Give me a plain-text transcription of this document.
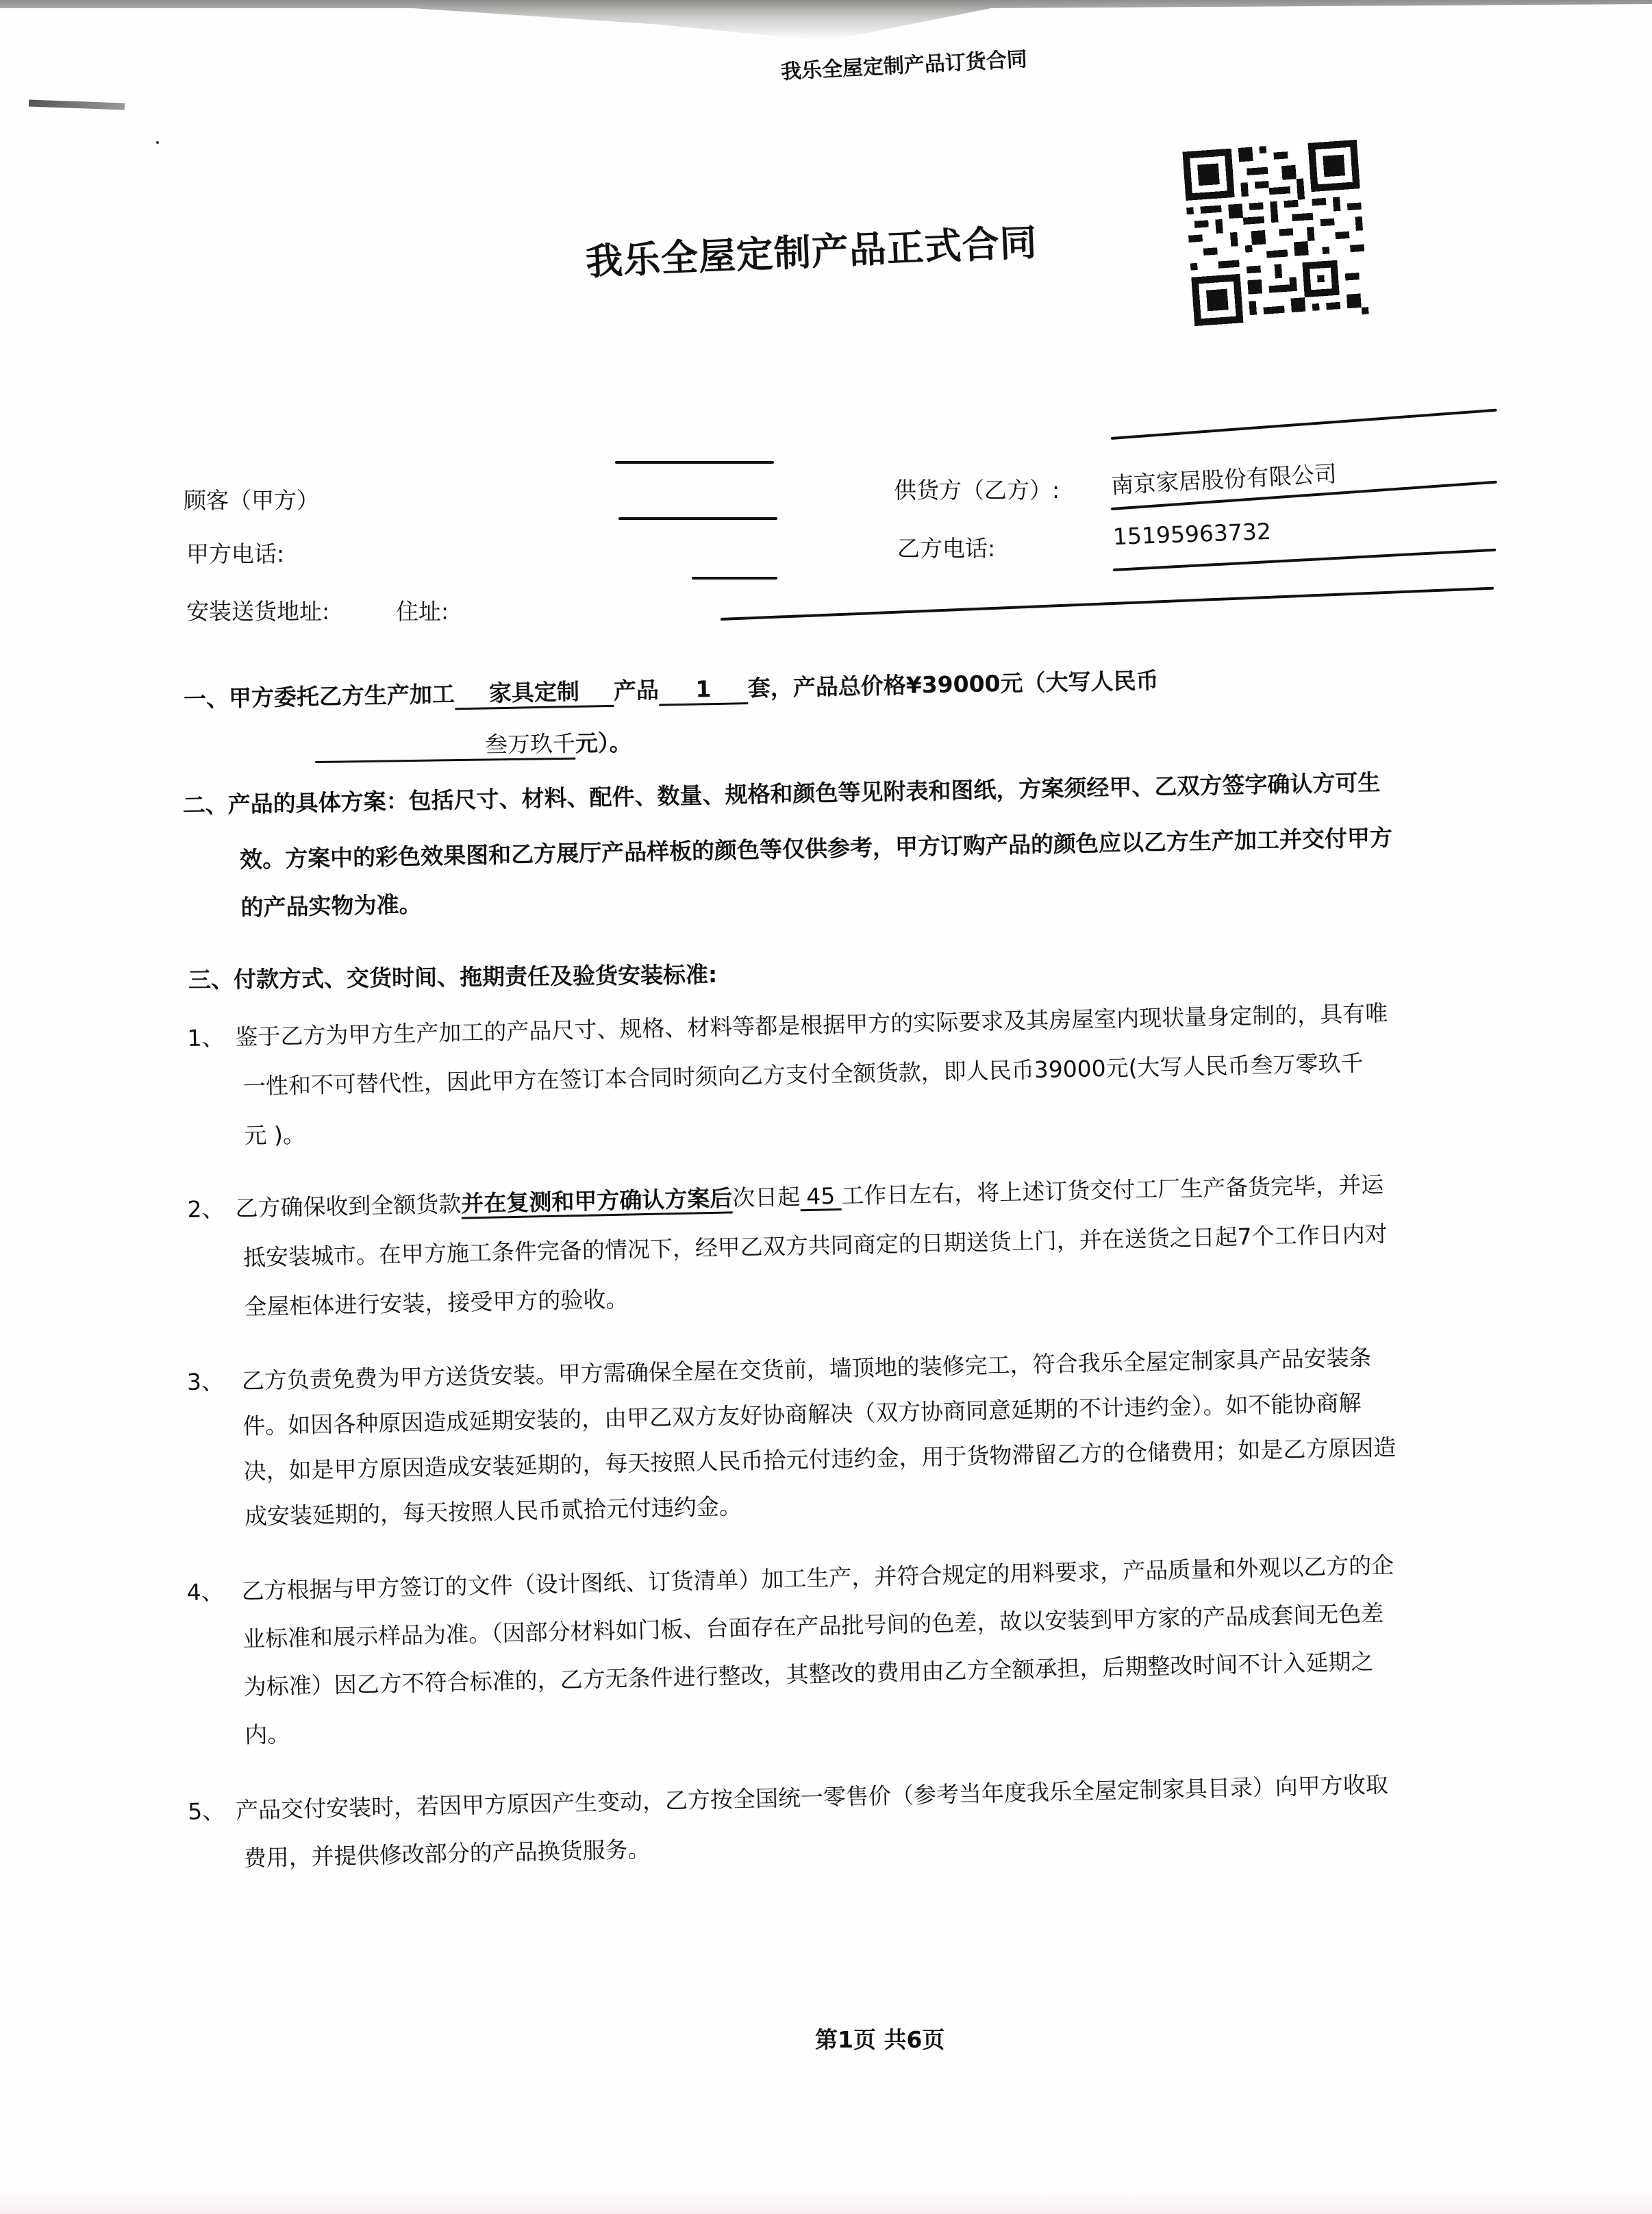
我乐全屋定制产品订货合同
我乐全屋定制产品正式合同
顾客（甲方）
甲方电话:
安装送货地址:	住址:
供货方（乙方）: 南京家居股份有限公司
乙方电话:	15195963732
一、甲方委托乙方生产加工 家具定制 产品 1 套，产品总价格¥39000元（大写人民币
叁万玖千元）。
二、产品的具体方案：包括尺寸、材料、配件、数量、规格和颜色等见附表和图纸，方案须经甲、乙双方签字确认方可生
效。方案中的彩色效果图和乙方展厅产品样板的颜色等仅供参考，甲方订购产品的颜色应以乙方生产加工并交付甲方
的产品实物为准。
三、付款方式、交货时间、拖期责任及验货安装标准:
1、 鉴于乙方为甲方生产加工的产品尺寸、规格、材料等都是根据甲方的实际要求及其房屋室内现状量身定制的，具有唯
一性和不可替代性，因此甲方在签订本合同时须向乙方支付全额货款，即人民币39000元(大写人民币叁万零玖千
元 )。
2、 乙方确保收到全额货款并在复测和甲方确认方案后次日起 45 工作日左右，将上述订货交付工厂生产备货完毕，并运
抵安装城市。在甲方施工条件完备的情况下，经甲乙双方共同商定的日期送货上门，并在送货之日起7个工作日内对
全屋柜体进行安装，接受甲方的验收。
3、 乙方负责免费为甲方送货安装。甲方需确保全屋在交货前，墙顶地的装修完工，符合我乐全屋定制家具产品安装条
件。如因各种原因造成延期安装的，由甲乙双方友好协商解决（双方协商同意延期的不计违约金）。如不能协商解
决，如是甲方原因造成安装延期的，每天按照人民币拾元付违约金，用于货物滞留乙方的仓储费用；如是乙方原因造
成安装延期的，每天按照人民币贰拾元付违约金。
4、 乙方根据与甲方签订的文件（设计图纸、订货清单）加工生产，并符合规定的用料要求，产品质量和外观以乙方的企
业标准和展示样品为准。（因部分材料如门板、台面存在产品批号间的色差，故以安装到甲方家的产品成套间无色差
为标准）因乙方不符合标准的，乙方无条件进行整改，其整改的费用由乙方全额承担，后期整改时间不计入延期之
内。
5、 产品交付安装时，若因甲方原因产生变动，乙方按全国统一零售价（参考当年度我乐全屋定制家具目录）向甲方收取
费用，并提供修改部分的产品换货服务。
第1页 共6页
